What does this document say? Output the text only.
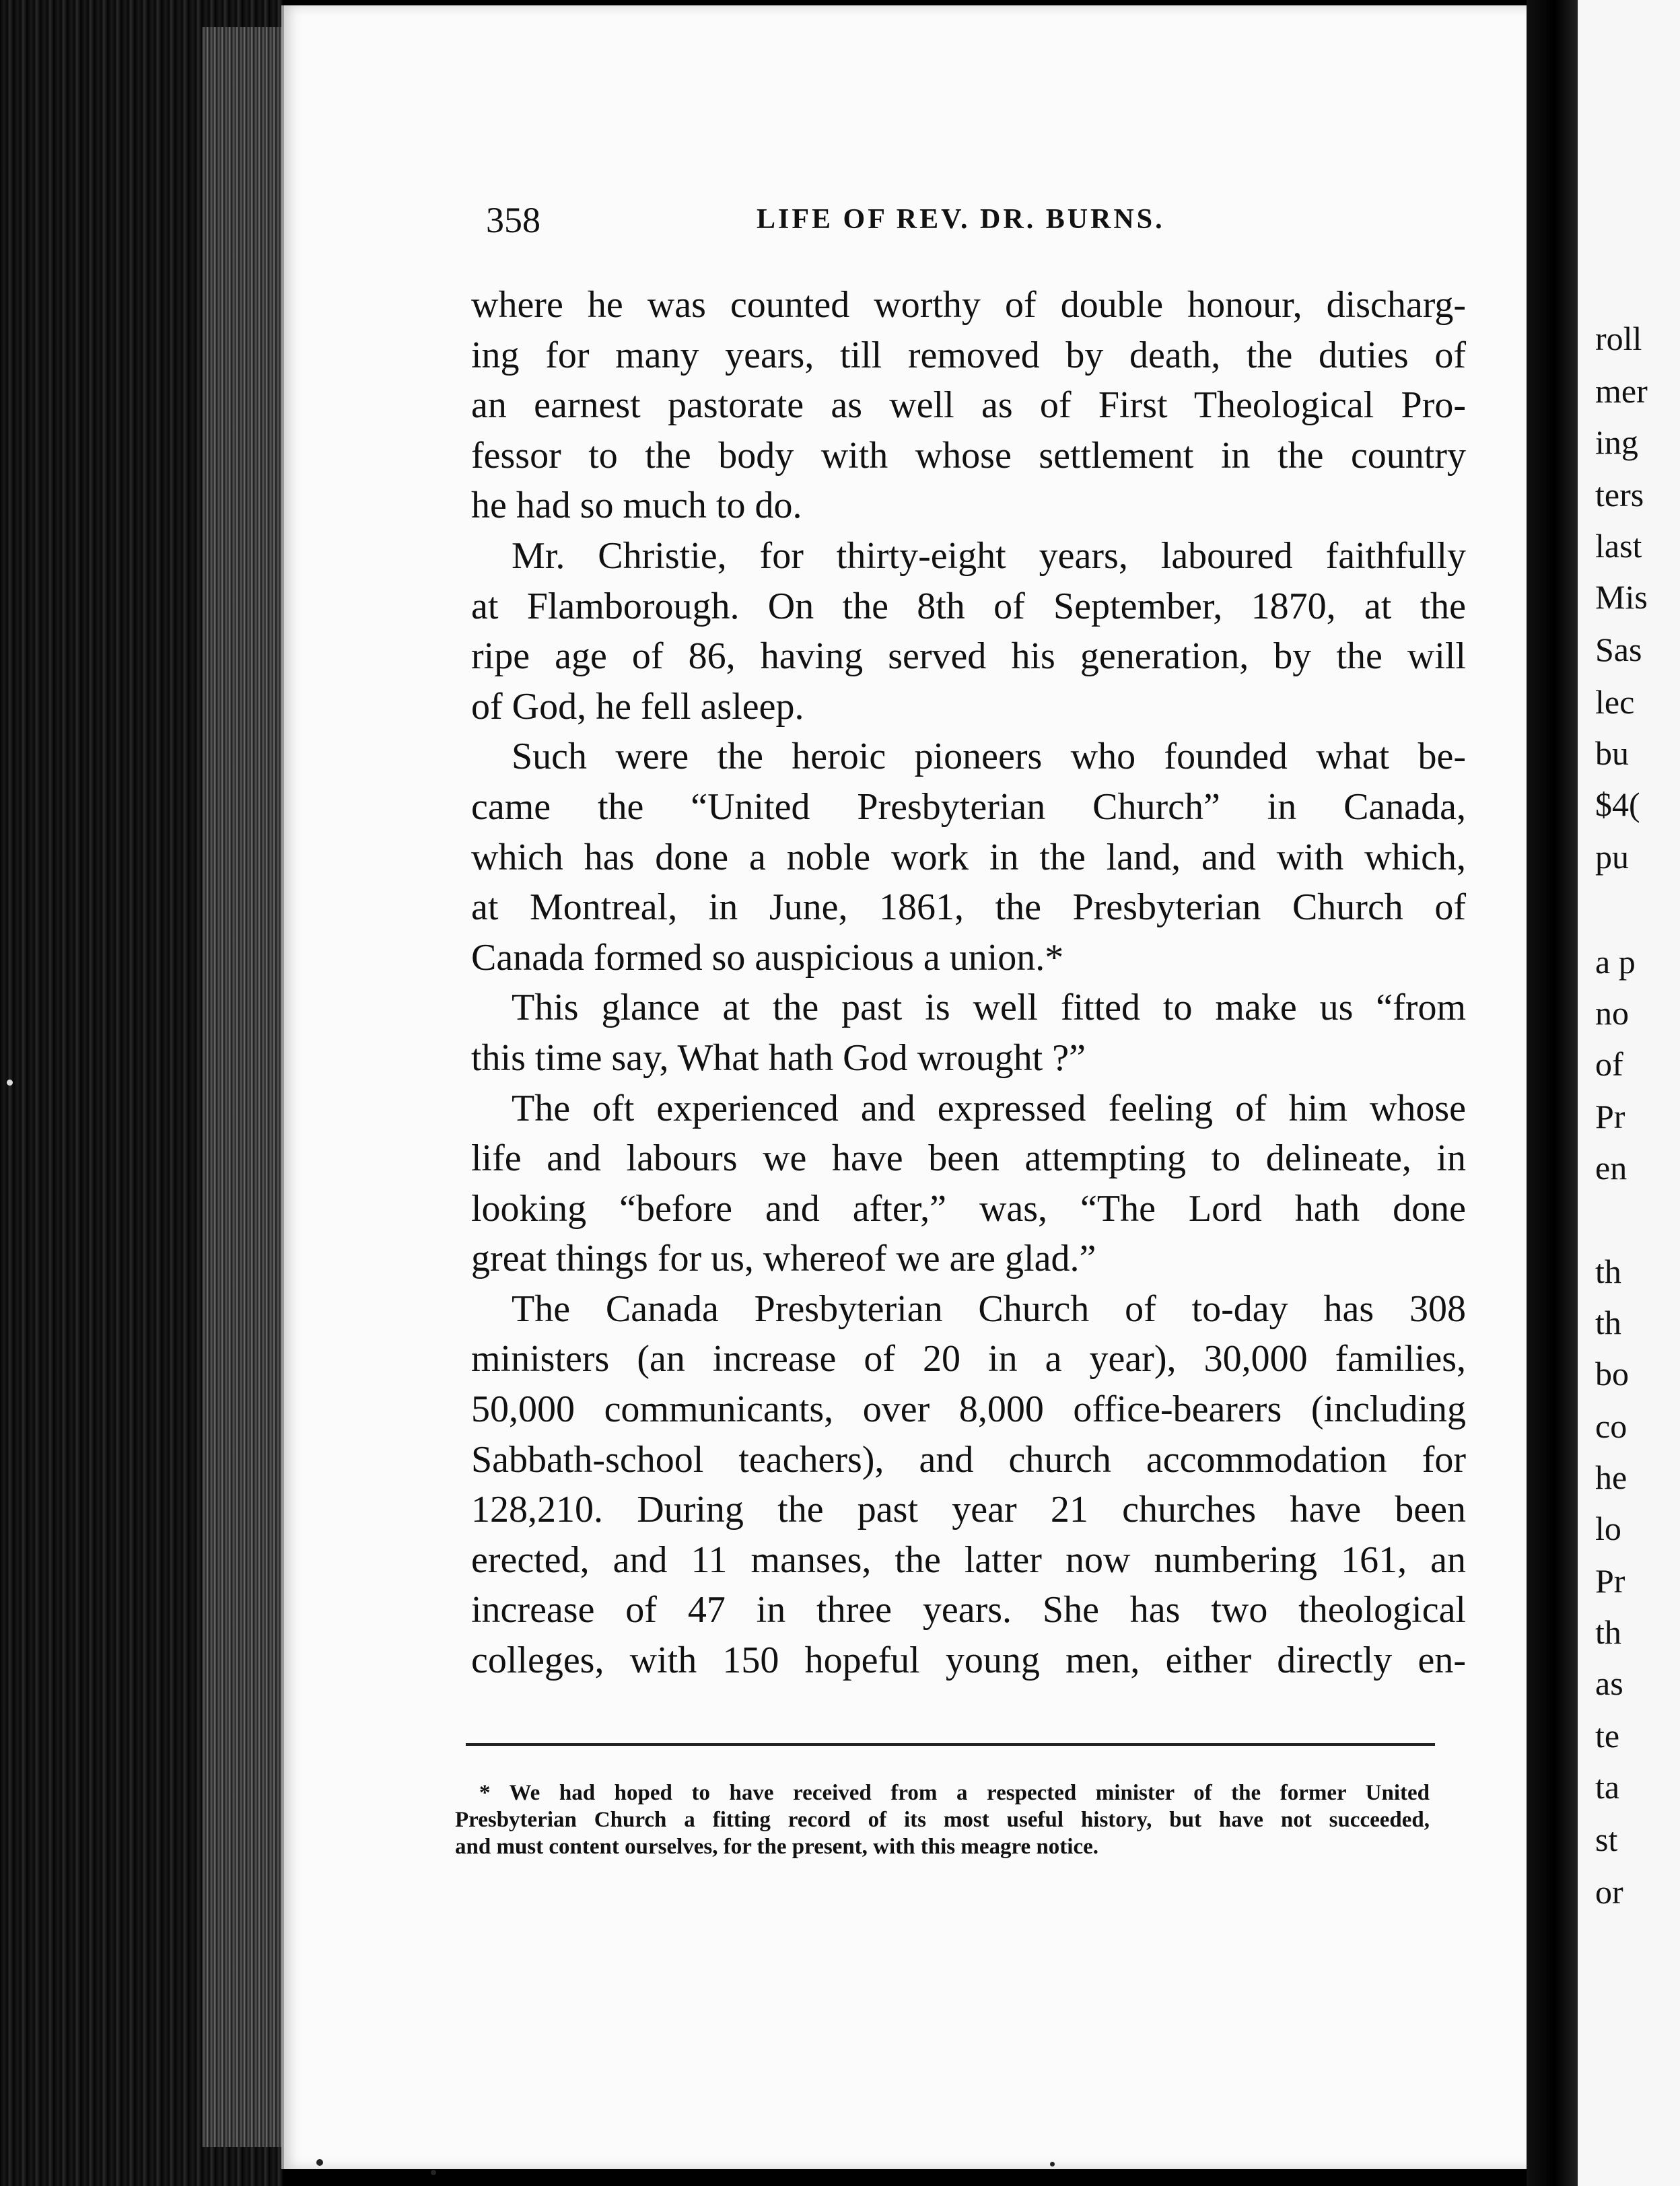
358	LIFE OF REV. DR. BURNS.
where he was counted worthy of double honour, discharg-
ing for many years, till removed by death, the duties of
an earnest pastorate as well as of First Theological Pro-
fessor to the body with whose settlement in the country
he had so much to do.
Mr. Christie, for thirty-eight years, laboured faithfully
at Flamborough. On the 8th of September, 1870, at the
ripe age of 86, having served his generation, by the will
of God, he fell asleep.
Such were the heroic pioneers who founded what be-
came the “United Presbyterian Church” in Canada,
which has done a noble work in the land, and with which,
at Montreal, in June, 1861, the Presbyterian Church of
Canada formed so auspicious a union.*
This glance at the past is well fitted to make us “from
this time say, What hath God wrought ?”
The oft experienced and expressed feeling of him whose
life and labours we have been attempting to delineate, in
looking “before and after,” was, “The Lord hath done
great things for us, whereof we are glad.”
The Canada Presbyterian Church of to-day has 308
ministers (an increase of 20 in a year), 30,000 families,
50,000 communicants, over 8,000 office-bearers (including
Sabbath-school teachers), and church accommodation for
128,210. During the past year 21 churches have been
erected, and 11 manses, the latter now numbering 161, an
increase of 47 in three years. She has two theological
colleges, with 150 hopeful young men, either directly en-
* We had hoped to have received from a respected minister of the former United
Presbyterian Church a fitting record of its most useful history, but have not succeeded,
and must content ourselves, for the present, with this meagre notice.
roll
mer
ing
ters
last
Mis
Sas
lec
bu
$4(
pu
a p
no
of
Pr
en
th
th
bo
co
he
lo
Pr
th
as
te
ta
st
or
